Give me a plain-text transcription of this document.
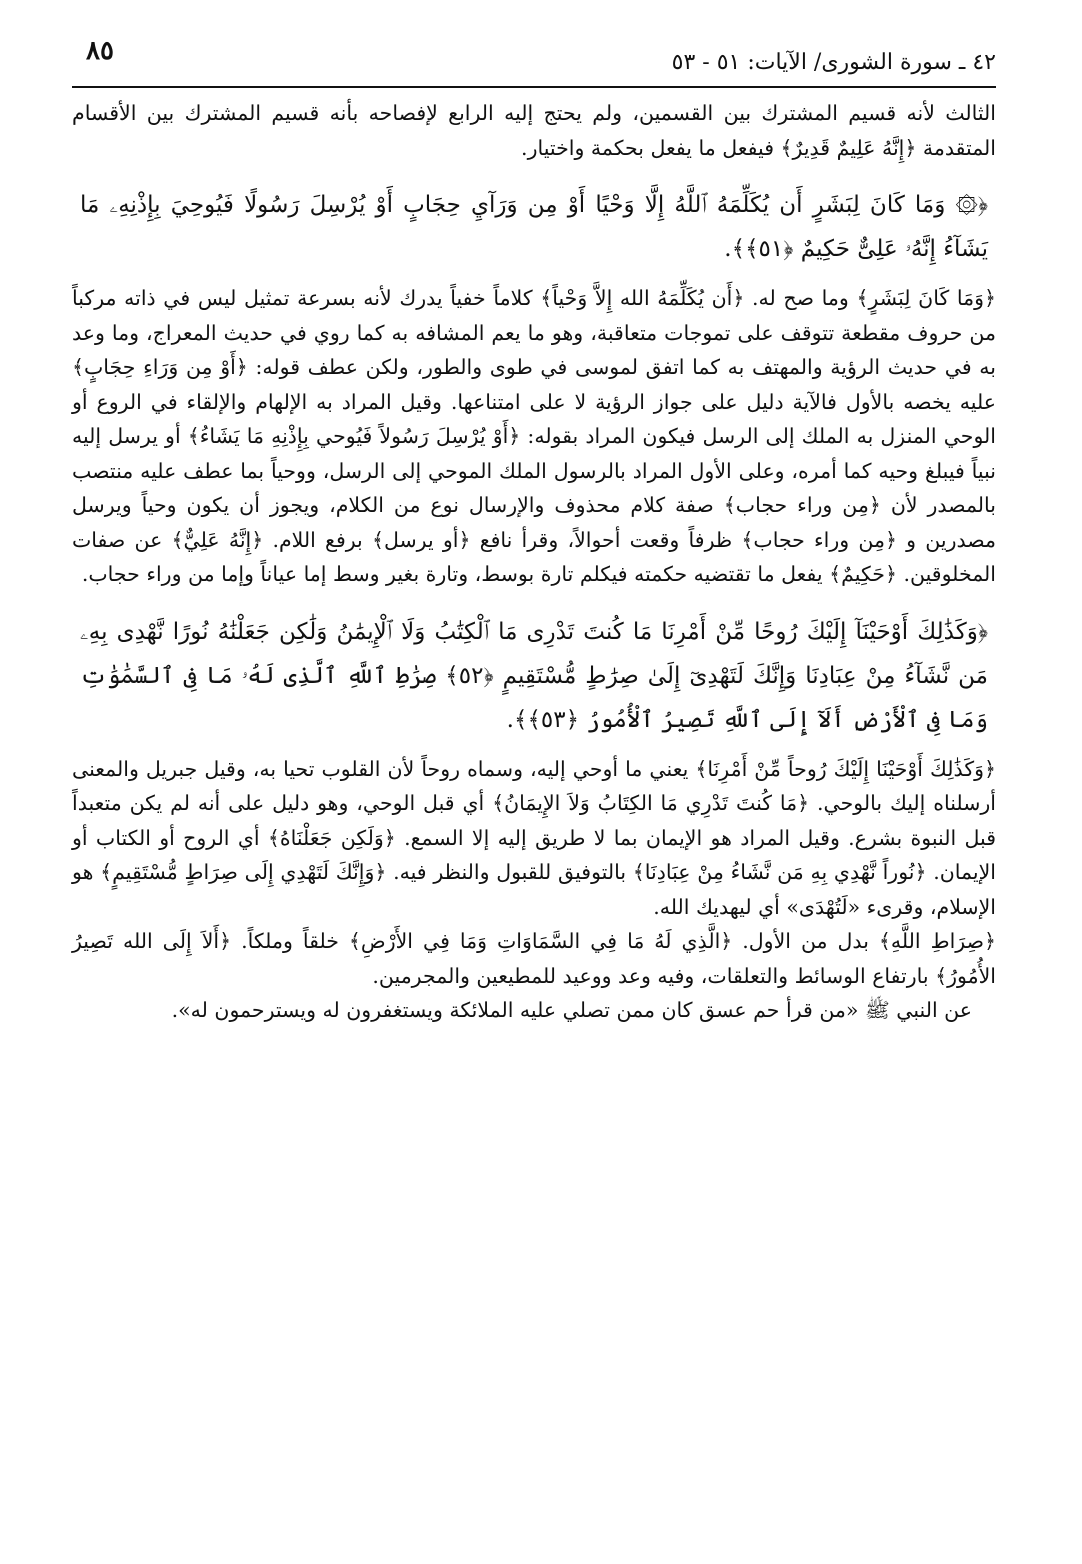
٨٥	٤٢ ـ سورة الشورى/ الآيات: ٥١ - ٥٣

الثالث لأنه قسيم المشترك بين القسمين، ولم يحتج إليه الرابع لإفصاحه بأنه قسيم المشترك بين الأقسام المتقدمة ﴿إِنَّهُ عَلِيمٌ قَدِيرٌ﴾ فيفعل ما يفعل بحكمة واختيار.

﴿۞ وَمَا كَانَ لِبَشَرٍ أَن يُكَلِّمَهُ ٱللَّهُ إِلَّا وَحْيًا أَوْ مِن وَرَآيِ حِجَابٍ أَوْ يُرْسِلَ رَسُولًا فَيُوحِيَ بِإِذْنِهِۦ مَا يَشَآءُ إِنَّهُۥ عَلِىٌّ حَكِيمٌ ﴿٥١﴾﴾.

﴿وَمَا كَانَ لِبَشَرٍ﴾ وما صح له. ﴿أَن يُكَلِّمَهُ الله إِلاَّ وَحْياً﴾ كلاماً خفياً يدرك لأنه بسرعة تمثيل ليس في ذاته مركباً من حروف مقطعة تتوقف على تموجات متعاقبة، وهو ما يعم المشافه به كما روي في حديث المعراج، وما وعد به في حديث الرؤية والمهتف به كما اتفق لموسى في طوى والطور، ولكن عطف قوله: ﴿أَوْ مِن وَرَاءِ حِجَابٍ﴾ عليه يخصه بالأول فالآية دليل على جواز الرؤية لا على امتناعها. وقيل المراد به الإلهام والإلقاء في الروع أو الوحي المنزل به الملك إلى الرسل فيكون المراد بقوله: ﴿أَوْ يُرْسِلَ رَسُولاً فَيُوحي بِإِذْنِهِ مَا يَشَاءُ﴾ أو يرسل إليه نبياً فيبلغ وحيه كما أمره، وعلى الأول المراد بالرسول الملك الموحي إلى الرسل، ووحياً بما عطف عليه منتصب بالمصدر لأن ﴿مِن وراء حجاب﴾ صفة كلام محذوف والإرسال نوع من الكلام، ويجوز أن يكون وحياً ويرسل مصدرين و ﴿مِن وراء حجاب﴾ ظرفاً وقعت أحوالاً، وقرأ نافع ﴿أو يرسل﴾ برفع اللام. ﴿إِنَّهُ عَلِيٌّ﴾ عن صفات المخلوقين. ﴿حَكِيمٌ﴾ يفعل ما تقتضيه حكمته فيكلم تارة بوسط، وتارة بغير وسط إما عياناً وإما من وراء حجاب.

﴿وَكَذَٰلِكَ أَوْحَيْنَآ إِلَيْكَ رُوحًا مِّنْ أَمْرِنَا مَا كُنتَ تَدْرِى مَا ٱلْكِتَٰبُ وَلَا ٱلْإِيمَٰنُ وَلَٰكِن جَعَلْنَٰهُ نُورًا نَّهْدِى بِهِۦ مَن نَّشَآءُ مِنْ عِبَادِنَا وَإِنَّكَ لَتَهْدِىٓ إِلَىٰ صِرَٰطٍ مُّسْتَقِيمٍ ﴿٥٢﴾ صِرَٰطِ ٱللَّهِ ٱلَّذِى لَهُۥ مَا فِى ٱلسَّمَٰوَٰتِ وَمَا فِى ٱلْأَرْضِ أَلَآ إِلَى ٱللَّهِ تَصِيرُ ٱلْأُمُورُ ﴿٥٣﴾﴾.

﴿وَكَذَٰلِكَ أَوْحَيْنَا إِلَيْكَ رُوحاً مِّنْ أَمْرِنَا﴾ يعني ما أوحي إليه، وسماه روحاً لأن القلوب تحيا به، وقيل جبريل والمعنى أرسلناه إليك بالوحي. ﴿مَا كُنتَ تَدْرِي مَا الكِتَابُ وَلاَ الإِيمَانُ﴾ أي قبل الوحي، وهو دليل على أنه لم يكن متعبداً قبل النبوة بشرع. وقيل المراد هو الإيمان بما لا طريق إليه إلا السمع. ﴿وَلَكِن جَعَلْنَاهُ﴾ أي الروح أو الكتاب أو الإيمان. ﴿نُوراً نَّهْدِي بِهِ مَن نَّشَاءُ مِنْ عِبَادِنَا﴾ بالتوفيق للقبول والنظر فيه. ﴿وَإِنَّكَ لَتَهْدِي إِلَى صِرَاطٍ مُّسْتَقِيمٍ﴾ هو الإسلام، وقرىء «لَتُهْدَى» أي ليهديك الله.

﴿صِرَاطِ اللَّهِ﴾ بدل من الأول. ﴿الَّذِي لَهُ مَا فِي السَّمَاوَاتِ وَمَا فِي الأَرْضِ﴾ خلقاً وملكاً. ﴿أَلاَ إِلَى الله تَصِيرُ الأُمُورُ﴾ بارتفاع الوسائط والتعلقات، وفيه وعد ووعيد للمطيعين والمجرمين.

عن النبي ﷺ «من قرأ حم عسق كان ممن تصلي عليه الملائكة ويستغفرون له ويسترحمون له».
